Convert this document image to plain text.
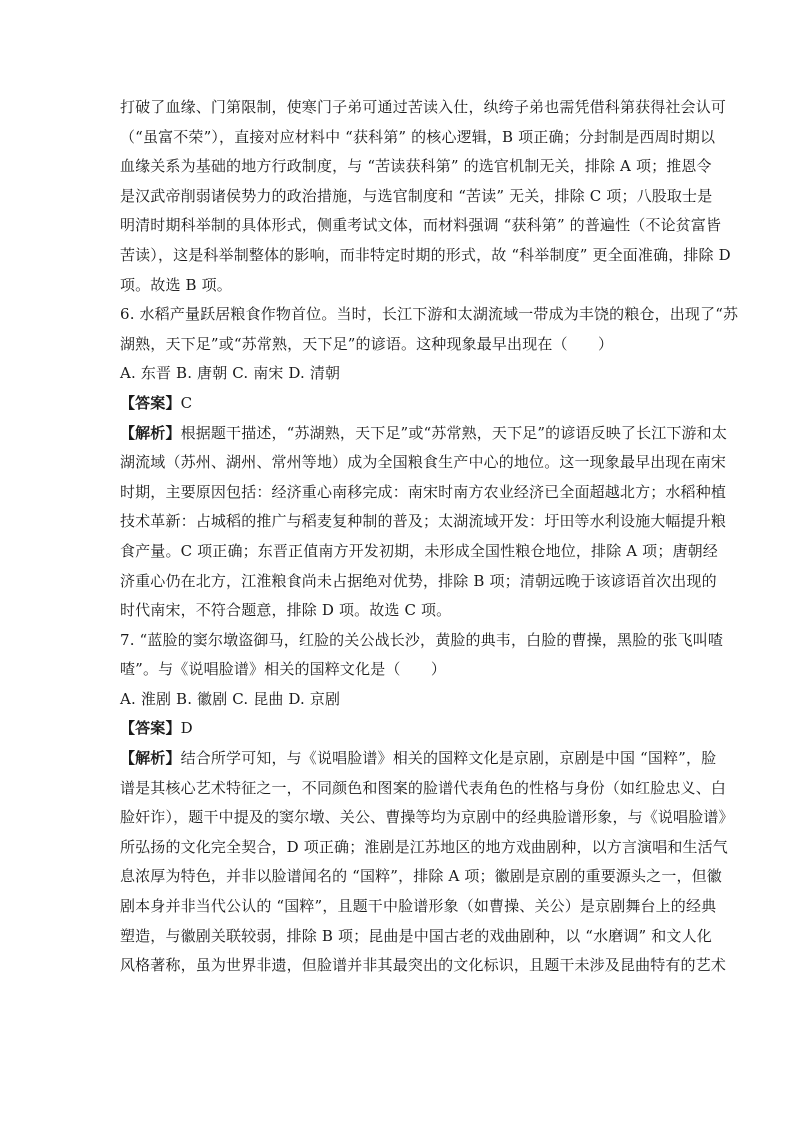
打破了血缘、门第限制，使寒门子弟可通过苦读入仕，纨绔子弟也需凭借科第获得社会认可
（“虽富不荣”），直接对应材料中 “获科第” 的核心逻辑，B 项正确；分封制是西周时期以
血缘关系为基础的地方行政制度，与 “苦读获科第” 的选官机制无关，排除 A 项；推恩令
是汉武帝削弱诸侯势力的政治措施，与选官制度和 “苦读” 无关，排除 C 项；八股取士是
明清时期科举制的具体形式，侧重考试文体，而材料强调 “获科第” 的普遍性（不论贫富皆
苦读），这是科举制整体的影响，而非特定时期的形式，故 “科举制度” 更全面准确，排除 D
项。故选 B 项。
6. 水稻产量跃居粮食作物首位。当时，长江下游和太湖流域一带成为丰饶的粮仓，出现了“苏
湖熟，天下足”或“苏常熟，天下足”的谚语。这种现象最早出现在（　　）
A. 东晋 B. 唐朝 C. 南宋 D. 清朝
【答案】C
【解析】根据题干描述，“苏湖熟，天下足”或“苏常熟，天下足”的谚语反映了长江下游和太
湖流域（苏州、湖州、常州等地）成为全国粮食生产中心的地位。这一现象最早出现在南宋
时期，主要原因包括：经济重心南移完成：南宋时南方农业经济已全面超越北方；水稻种植
技术革新：占城稻的推广与稻麦复种制的普及；太湖流域开发：圩田等水利设施大幅提升粮
食产量。C 项正确；东晋正值南方开发初期，未形成全国性粮仓地位，排除 A 项；唐朝经
济重心仍在北方，江淮粮食尚未占据绝对优势，排除 B 项；清朝远晚于该谚语首次出现的
时代南宋，不符合题意，排除 D 项。故选 C 项。
7. “蓝脸的窦尔墩盗御马，红脸的关公战长沙，黄脸的典韦，白脸的曹操，黑脸的张飞叫喳
喳”。与《说唱脸谱》相关的国粹文化是（　　）
A. 淮剧 B. 徽剧 C. 昆曲 D. 京剧
【答案】D
【解析】结合所学可知，与《说唱脸谱》相关的国粹文化是京剧，京剧是中国 “国粹”，脸
谱是其核心艺术特征之一，不同颜色和图案的脸谱代表角色的性格与身份（如红脸忠义、白
脸奸诈），题干中提及的窦尔墩、关公、曹操等均为京剧中的经典脸谱形象，与《说唱脸谱》
所弘扬的文化完全契合，D 项正确；淮剧是江苏地区的地方戏曲剧种，以方言演唱和生活气
息浓厚为特色，并非以脸谱闻名的 “国粹”，排除 A 项；徽剧是京剧的重要源头之一，但徽
剧本身并非当代公认的 “国粹”，且题干中脸谱形象（如曹操、关公）是京剧舞台上的经典
塑造，与徽剧关联较弱，排除 B 项；昆曲是中国古老的戏曲剧种，以 “水磨调” 和文人化
风格著称，虽为世界非遗，但脸谱并非其最突出的文化标识，且题干未涉及昆曲特有的艺术
